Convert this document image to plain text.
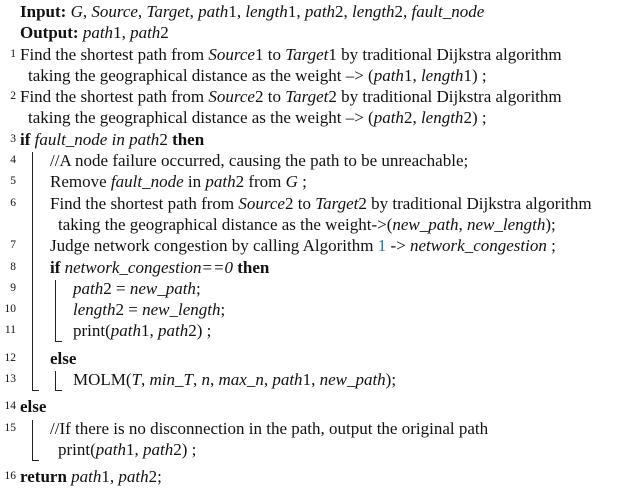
Input: G, Source, Target, path1, length1, path2, length2, fault_node
Output: path1, path2
1 Find the shortest path from Source1 to Target1 by traditional Dijkstra algorithm
taking the geographical distance as the weight –> (path1, length1) ;
2 Find the shortest path from Source2 to Target2 by traditional Dijkstra algorithm
taking the geographical distance as the weight –> (path2, length2) ;
3 if fault_node in path2 then
4 //A node failure occurred, causing the path to be unreachable;
5 Remove fault_node in path2 from G ;
6 Find the shortest path from Source2 to Target2 by traditional Dijkstra algorithm
taking the geographical distance as the weight->(new_path, new_length);
7 Judge network congestion by calling Algorithm 1 -> network_congestion ;
8 if network_congestion==0 then
9	path2 = new_path;
10	length2 = new_length;
11	print(path1, path2) ;
12 else
13	MOLM(T, min_T, n, max_n, path1, new_path);
14 else
15 //If there is no disconnection in the path, output the original path
print(path1, path2) ;
16 return path1, path2;
